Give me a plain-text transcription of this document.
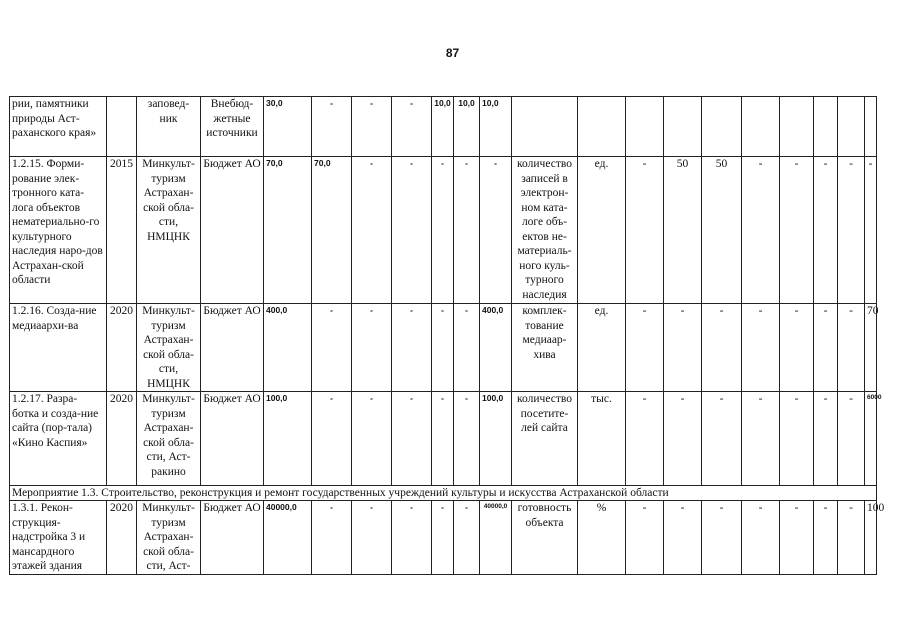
87
рии, памятники природы Аст-раханского края»		заповед-ник	Внебюд-жетные источники	30,0	-	-	-	10,0	10,0	10,0										
1.2.15. Форми-рование элек-тронного ката-лога объектов нематериально-го культурного наследия наро-дов Астрахан-ской области	2015	Минкульт-туризм Астрахан-ской обла-сти, НМЦНК	Бюджет АО	70,0	70,0	-	-	-	-	-	количество записей в электрон-ном ката-логе объ-ектов не-материаль-ного куль-турного наследия	ед.	-	50	50	-	-	-	-	-
1.2.16. Созда-ние медиаархи-ва	2020	Минкульт-туризм Астрахан-ской обла-сти, НМЦНК	Бюджет АО	400,0	-	-	-	-	-	400,0	комплек-тование медиаар-хива	ед.	-	-	-	-	-	-	-	70
1.2.17. Разра-ботка и созда-ние сайта (пор-тала) «Кино Каспия»	2020	Минкульт-туризм Астрахан-ской обла-сти, Аст-ракино	Бюджет АО	100,0	-	-	-	-	-	100,0	количество посетите-лей сайта	тыс.	-	-	-	-	-	-	-	6000
Мероприятие 1.3. Строительство, реконструкция и ремонт государственных учреждений культуры и искусства Астраханской области																				
1.3.1. Рекон-струкция-надстройка 3 и мансардного этажей здания	2020	Минкульт-туризм Астрахан-ской обла-сти, Аст-	Бюджет АО	40000,0	-	-	-	-	-	40000,0	готовность объекта	%	-	-	-	-	-	-	-	100
